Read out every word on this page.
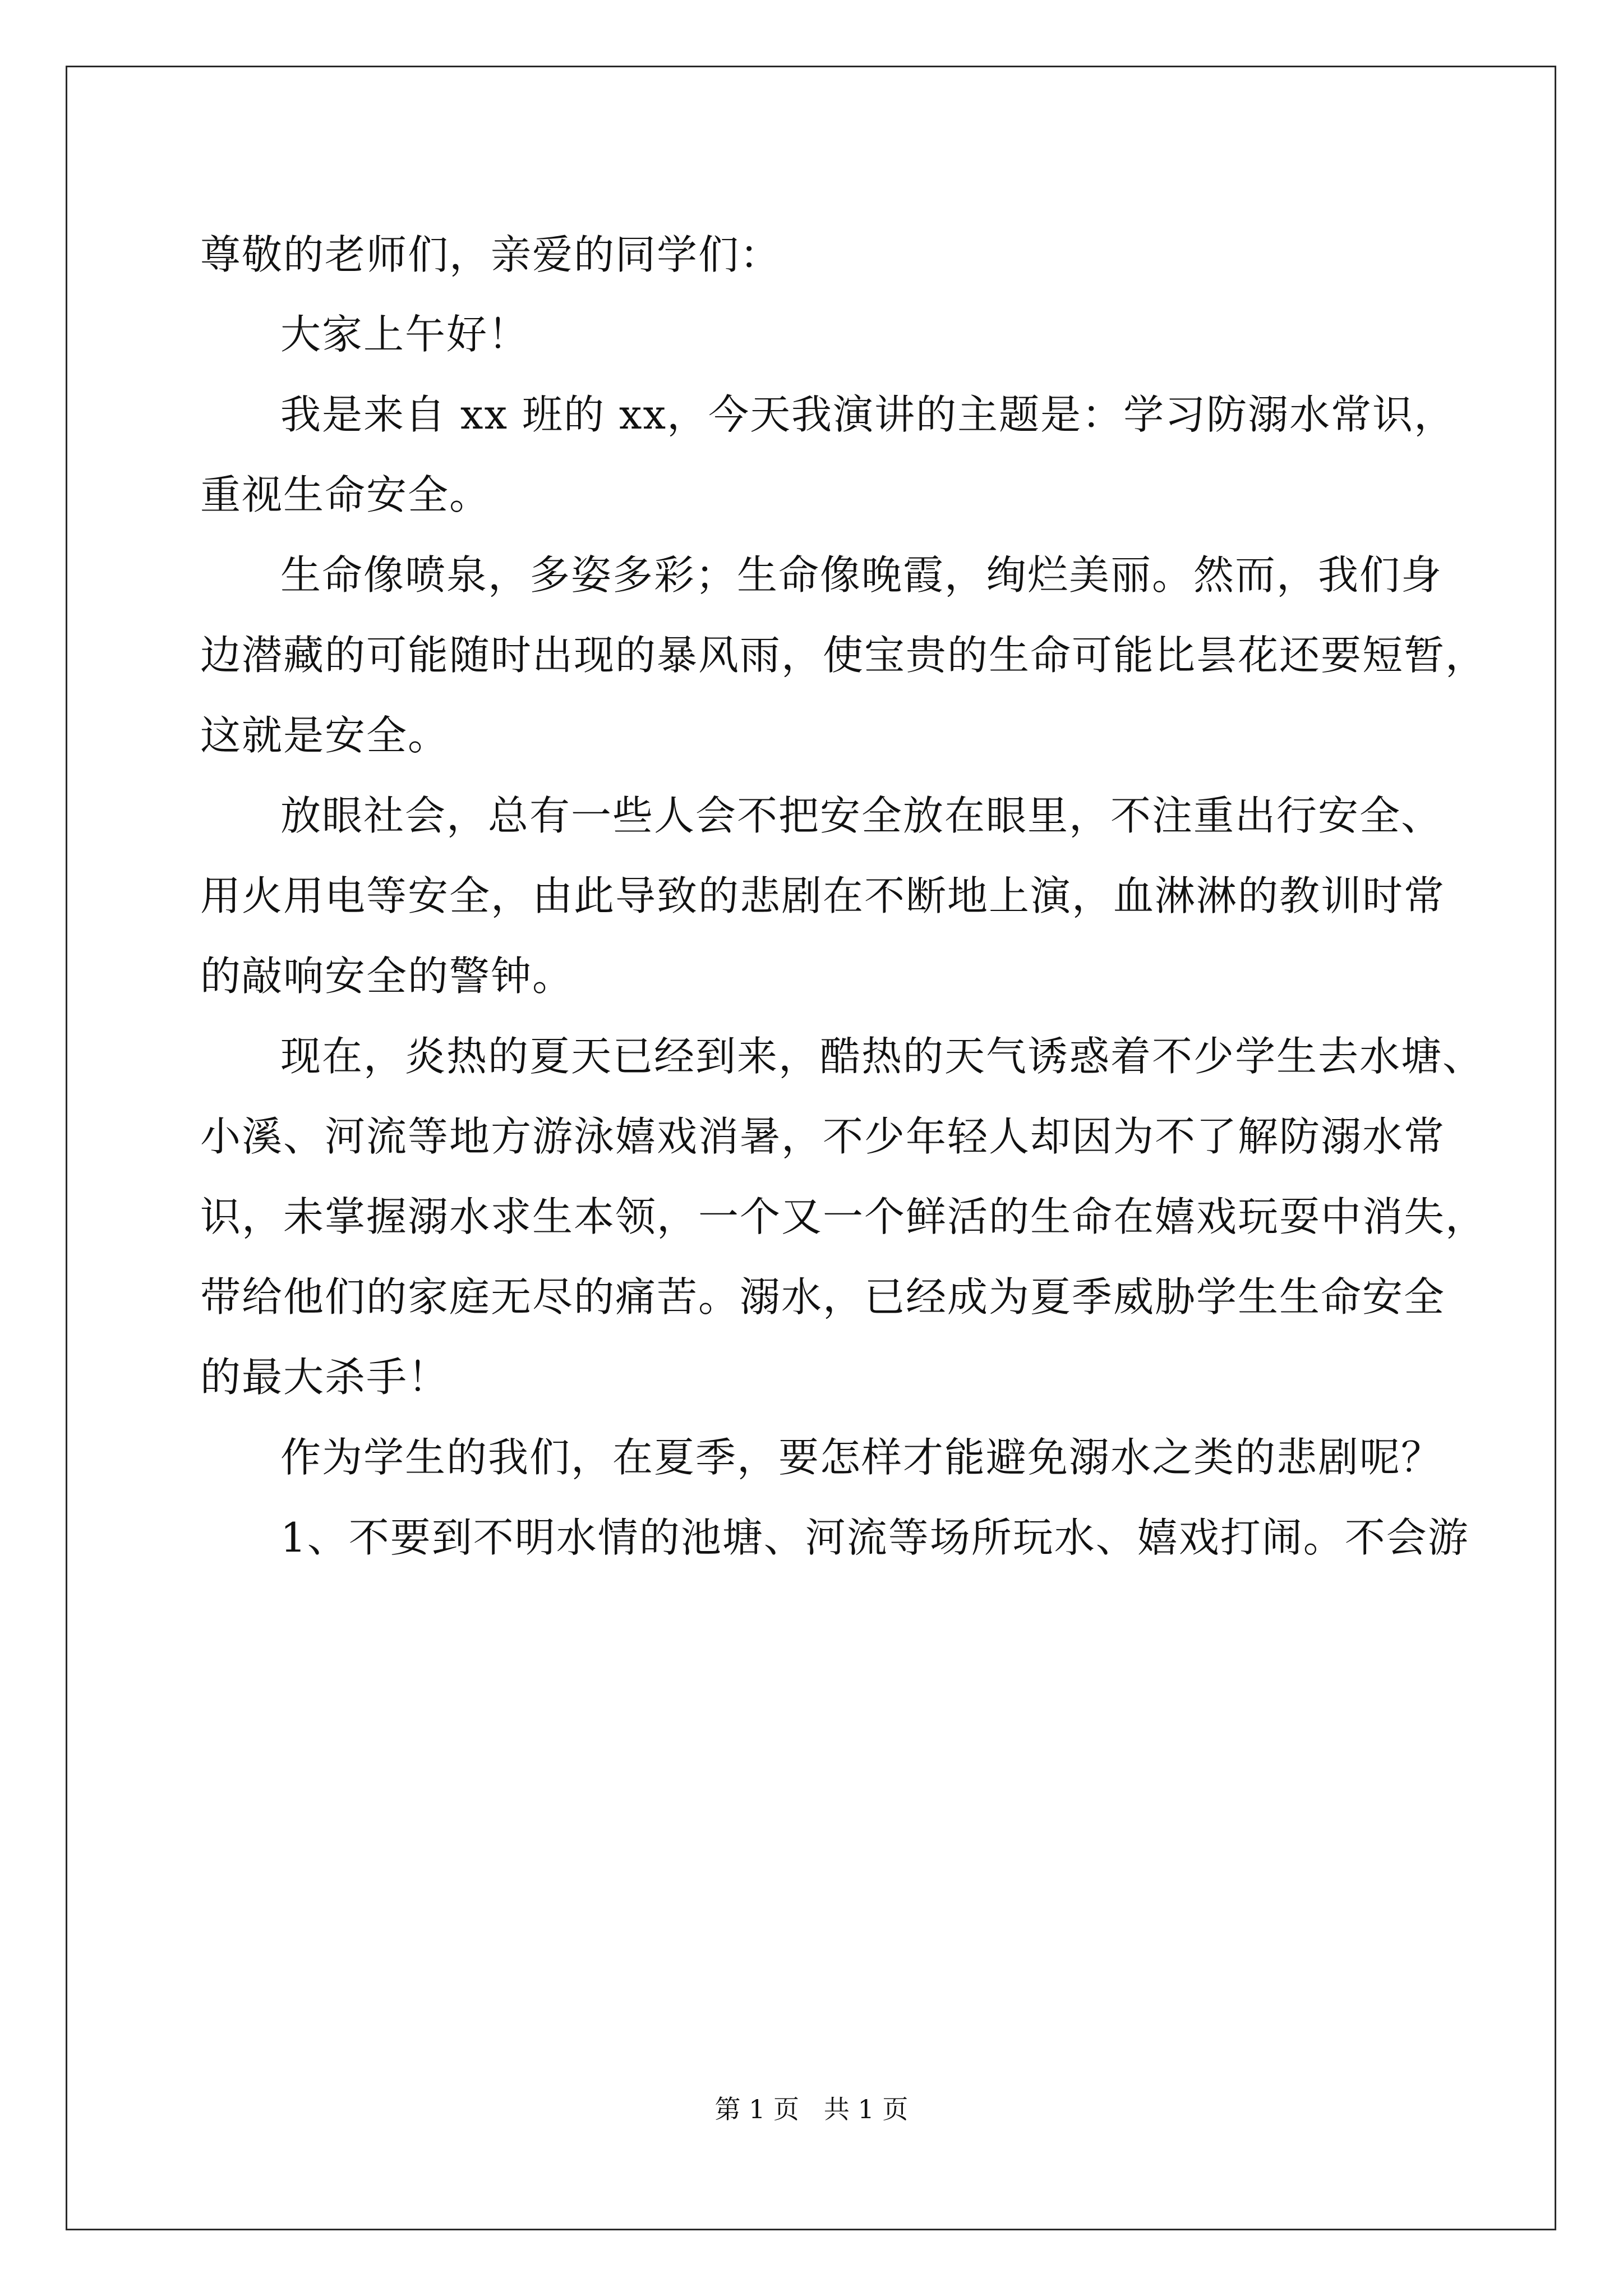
尊敬的老师们，亲爱的同学们：
大家上午好！
我是来自 xx 班的 xx，今天我演讲的主题是：学习防溺水常识，
重视生命安全。
生命像喷泉，多姿多彩；生命像晚霞，绚烂美丽。然而，我们身
边潜藏的可能随时出现的暴风雨，使宝贵的生命可能比昙花还要短暂，
这就是安全。
放眼社会，总有一些人会不把安全放在眼里，不注重出行安全、
用火用电等安全，由此导致的悲剧在不断地上演，血淋淋的教训时常
的敲响安全的警钟。
现在，炎热的夏天已经到来，酷热的天气诱惑着不少学生去水塘、
小溪、河流等地方游泳嬉戏消暑，不少年轻人却因为不了解防溺水常
识，未掌握溺水求生本领，一个又一个鲜活的生命在嬉戏玩耍中消失，
带给他们的家庭无尽的痛苦。溺水，已经成为夏季威胁学生生命安全
的最大杀手！
作为学生的我们，在夏季，要怎样才能避免溺水之类的悲剧呢？
1、不要到不明水情的池塘、河流等场所玩水、嬉戏打闹。不会游
第 1 页   共 1 页
